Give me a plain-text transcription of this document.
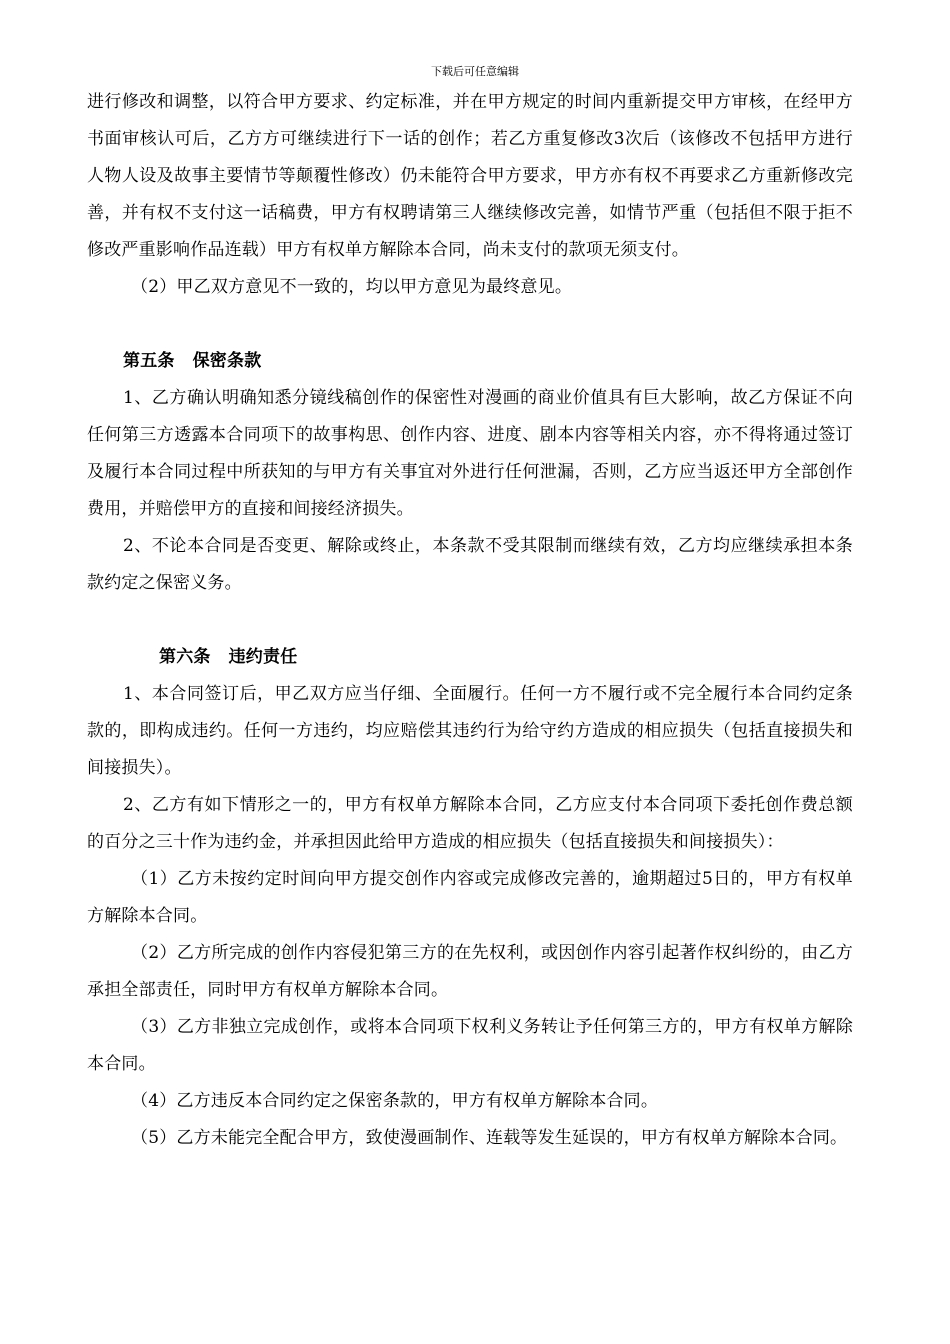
下载后可任意编辑

进行修改和调整，以符合甲方要求、约定标准，并在甲方规定的时间内重新提交甲方审核，在经甲方书面审核认可后，乙方方可继续进行下一话的创作；若乙方重复修改3次后（该修改不包括甲方进行人物人设及故事主要情节等颠覆性修改）仍未能符合甲方要求，甲方亦有权不再要求乙方重新修改完善，并有权不支付这一话稿费，甲方有权聘请第三人继续修改完善，如情节严重（包括但不限于拒不修改严重影响作品连载）甲方有权单方解除本合同，尚未支付的款项无须支付。

（2）甲乙双方意见不一致的，均以甲方意见为最终意见。

第五条 保密条款

1、乙方确认明确知悉分镜线稿创作的保密性对漫画的商业价值具有巨大影响，故乙方保证不向任何第三方透露本合同项下的故事构思、创作内容、进度、剧本内容等相关内容，亦不得将通过签订及履行本合同过程中所获知的与甲方有关事宜对外进行任何泄漏，否则，乙方应当返还甲方全部创作费用，并赔偿甲方的直接和间接经济损失。

2、不论本合同是否变更、解除或终止，本条款不受其限制而继续有效，乙方均应继续承担本条款约定之保密义务。

第六条 违约责任

1、本合同签订后，甲乙双方应当仔细、全面履行。任何一方不履行或不完全履行本合同约定条款的，即构成违约。任何一方违约，均应赔偿其违约行为给守约方造成的相应损失（包括直接损失和间接损失）。

2、乙方有如下情形之一的，甲方有权单方解除本合同，乙方应支付本合同项下委托创作费总额的百分之三十作为违约金，并承担因此给甲方造成的相应损失（包括直接损失和间接损失）：

（1）乙方未按约定时间向甲方提交创作内容或完成修改完善的，逾期超过5日的，甲方有权单方解除本合同。

（2）乙方所完成的创作内容侵犯第三方的在先权利，或因创作内容引起著作权纠纷的，由乙方承担全部责任，同时甲方有权单方解除本合同。

（3）乙方非独立完成创作，或将本合同项下权利义务转让予任何第三方的，甲方有权单方解除本合同。

（4）乙方违反本合同约定之保密条款的，甲方有权单方解除本合同。

（5）乙方未能完全配合甲方，致使漫画制作、连载等发生延误的，甲方有权单方解除本合同。
